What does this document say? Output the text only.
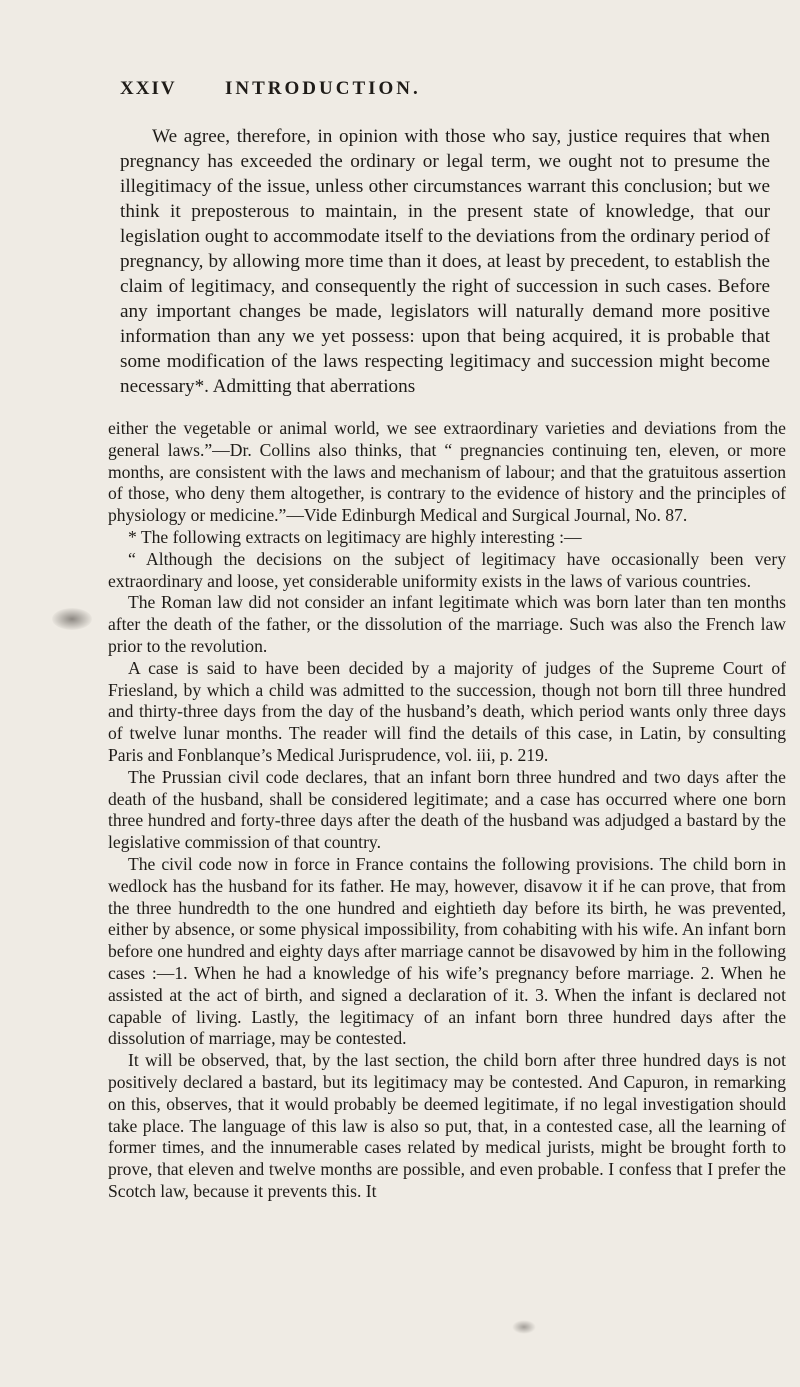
XXIV	INTRODUCTION.

We agree, therefore, in opinion with those who say, justice requires that when pregnancy has exceeded the ordinary or legal term, we ought not to presume the illegitimacy of the issue, unless other circumstances warrant this conclusion; but we think it preposterous to maintain, in the present state of knowledge, that our legislation ought to accommodate itself to the deviations from the ordinary period of pregnancy, by allowing more time than it does, at least by precedent, to establish the claim of legitimacy, and consequently the right of succession in such cases. Before any important changes be made, legislators will naturally demand more positive information than any we yet possess: upon that being acquired, it is probable that some modification of the laws respecting legitimacy and succession might become necessary*. Admitting that aberrations

either the vegetable or animal world, we see extraordinary varieties and deviations from the general laws.”—Dr. Collins also thinks, that “ pregnancies continuing ten, eleven, or more months, are consistent with the laws and mechanism of labour; and that the gratuitous assertion of those, who deny them altogether, is contrary to the evidence of history and the principles of physiology or medicine.”—Vide Edinburgh Medical and Surgical Journal, No. 87.

* The following extracts on legitimacy are highly interesting :—

“ Although the decisions on the subject of legitimacy have occasionally been very extraordinary and loose, yet considerable uniformity exists in the laws of various countries.

The Roman law did not consider an infant legitimate which was born later than ten months after the death of the father, or the dissolution of the marriage. Such was also the French law prior to the revolution.

A case is said to have been decided by a majority of judges of the Supreme Court of Friesland, by which a child was admitted to the succession, though not born till three hundred and thirty-three days from the day of the husband’s death, which period wants only three days of twelve lunar months. The reader will find the details of this case, in Latin, by consulting Paris and Fonblanque’s Medical Jurisprudence, vol. iii, p. 219.

The Prussian civil code declares, that an infant born three hundred and two days after the death of the husband, shall be considered legitimate; and a case has occurred where one born three hundred and forty-three days after the death of the husband was adjudged a bastard by the legislative commission of that country.

The civil code now in force in France contains the following provisions. The child born in wedlock has the husband for its father. He may, however, disavow it if he can prove, that from the three hundredth to the one hundred and eightieth day before its birth, he was prevented, either by absence, or some physical impossibility, from cohabiting with his wife. An infant born before one hundred and eighty days after marriage cannot be disavowed by him in the following cases :—1. When he had a knowledge of his wife’s pregnancy before marriage. 2. When he assisted at the act of birth, and signed a declaration of it. 3. When the infant is declared not capable of living. Lastly, the legitimacy of an infant born three hundred days after the dissolution of marriage, may be contested.

It will be observed, that, by the last section, the child born after three hundred days is not positively declared a bastard, but its legitimacy may be contested. And Capuron, in remarking on this, observes, that it would probably be deemed legitimate, if no legal investigation should take place. The language of this law is also so put, that, in a contested case, all the learning of former times, and the innumerable cases related by medical jurists, might be brought forth to prove, that eleven and twelve months are possible, and even probable. I confess that I prefer the Scotch law, because it prevents this. It
